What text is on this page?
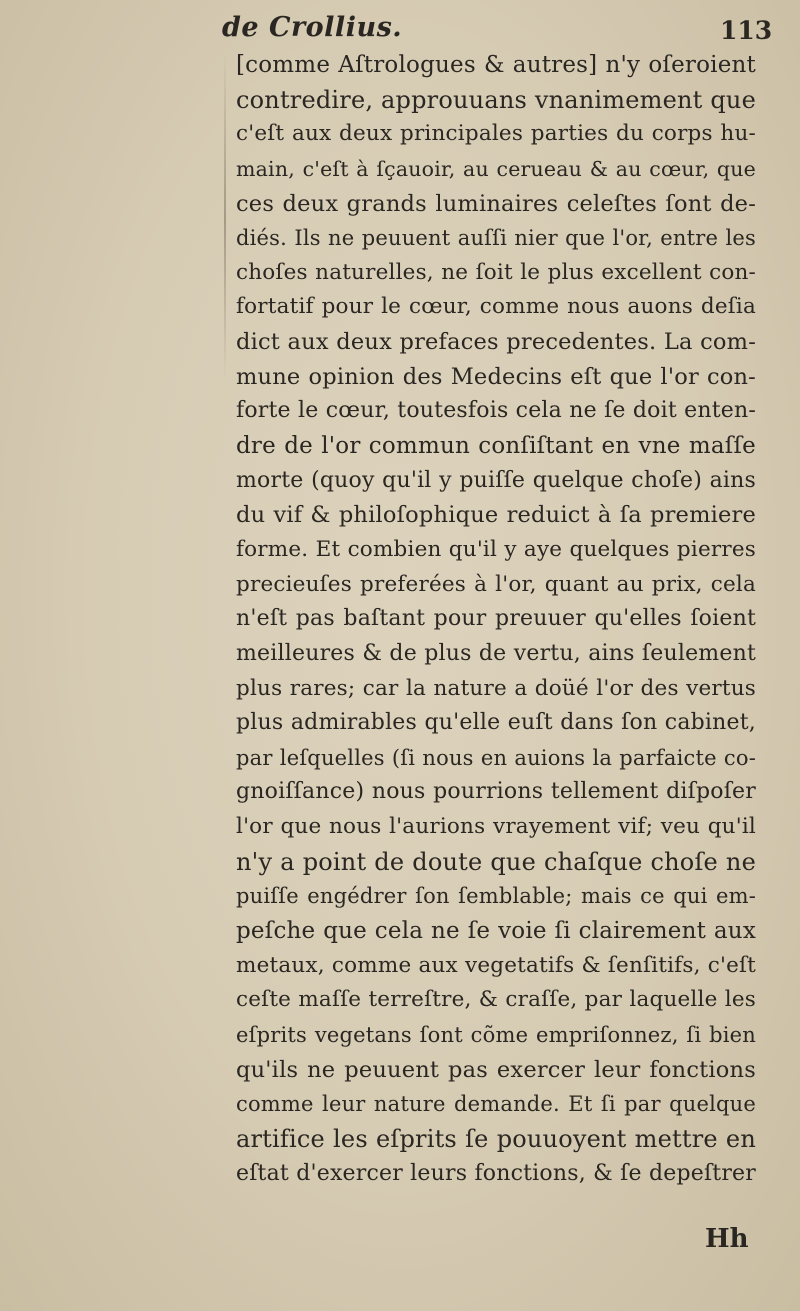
de Crollius.	113
[comme Aſtrologues & autres] n'y oſeroient
contredire, approuuans vnanimement que
c'eſt aux deux principales parties du corps hu-
main, c'eſt à ſçauoir, au cerueau & au cœur, que
ces deux grands luminaires celeſtes ſont de-
diés. Ils ne peuuent auſſi nier que l'or, entre les
choſes naturelles, ne ſoit le plus excellent con-
fortatif pour le cœur, comme nous auons deſia
dict aux deux prefaces precedentes. La com-
mune opinion des Medecins eſt que l'or con-
forte le cœur, toutesfois cela ne ſe doit enten-
dre de l'or commun conſiſtant en vne maſſe
morte (quoy qu'il y puiſſe quelque choſe) ains
du vif & philoſophique reduict à ſa premiere
forme. Et combien qu'il y aye quelques pierres
precieuſes preferées à l'or, quant au prix, cela
n'eſt pas baſtant pour preuuer qu'elles ſoient
meilleures & de plus de vertu, ains ſeulement
plus rares; car la nature a doüé l'or des vertus
plus admirables qu'elle euſt dans ſon cabinet,
par leſquelles (ſi nous en auions la parfaicte co-
gnoiſſance) nous pourrions tellement diſpoſer
l'or que nous l'aurions vrayement vif; veu qu'il
n'y a point de doute que chaſque choſe ne
puiſſe engédrer ſon ſemblable; mais ce qui em-
peſche que cela ne ſe voie ſi clairement aux
metaux, comme aux vegetatifs & ſenſitifs, c'eſt
ceſte maſſe terreſtre, & craſſe, par laquelle les
eſprits vegetans ſont cõme empriſonnez, ſi bien
qu'ils ne peuuent pas exercer leur fonctions
comme leur nature demande. Et ſi par quelque
artifice les eſprits ſe pouuoyent mettre en
eſtat d'exercer leurs fonctions, & ſe depeſtrer
Hh
